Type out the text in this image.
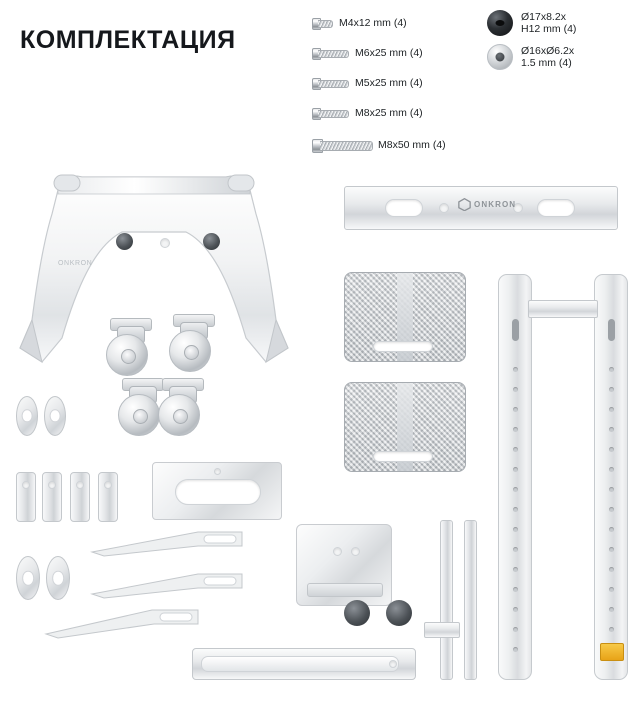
КОМПЛЕКТАЦИЯ
M4x12 mm (4)
M6x25 mm (4)
M5x25 mm (4)
M8x25 mm (4)
M8x50 mm (4)
Ø17x8.2x
H12 mm (4)
Ø16xØ6.2x
1.5 mm (4)
ONKRON
ONKRON
